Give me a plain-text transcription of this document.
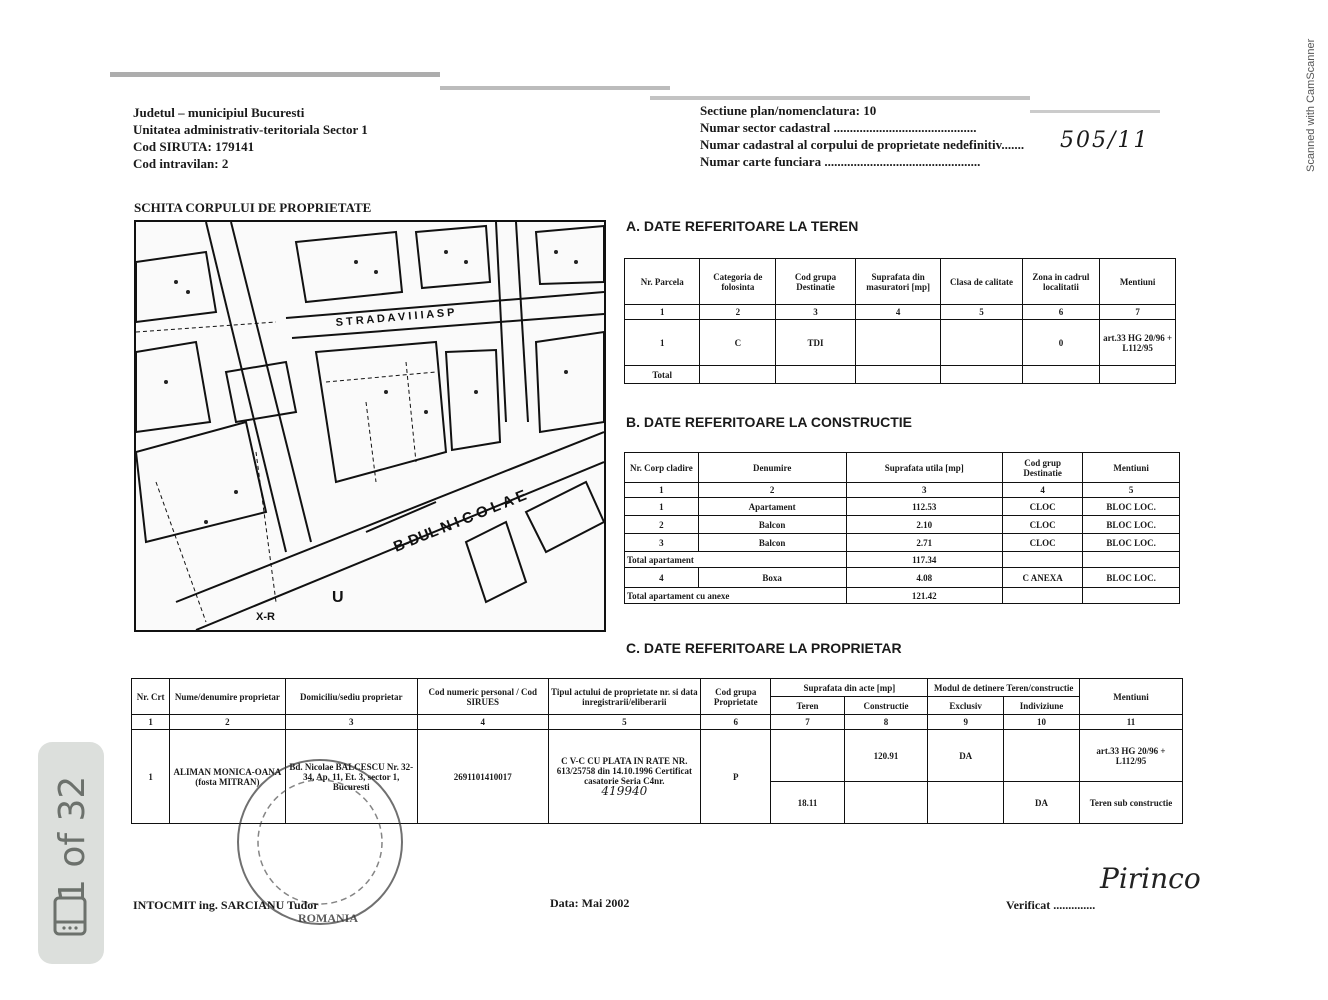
Judetul – municipiul Bucuresti
Unitatea administrativ-teritoriala Sector 1
Cod SIRUTA: 179141
Cod intravilan: 2
Sectiune plan/nomenclatura: 10
Numar sector cadastral ............................................
Numar cadastral al corpului de proprietate nedefinitiv.......
Numar carte funciara ................................................
505/11
SCHITA CORPULUI DE PROPRIETATE
S T R A D A V I I I A S P
B-DUL N I C O L A E
U
X-R
A. DATE REFERITOARE LA TEREN
Nr. Parcela	Categoria de folosinta	Cod grupa Destinatie	Suprafata din masuratori [mp]	Clasa de calitate	Zona in cadrul localitatii	Mentiuni
1	2	3	4	5	6	7
1	C	TDI			0	art.33 HG 20/96 + L112/95
Total						
B. DATE REFERITOARE LA CONSTRUCTIE
Nr. Corp cladire	Denumire	Suprafata utila [mp]	Cod grup Destinatie	Mentiuni
1	2	3	4	5
1	Apartament	112.53	CLOC	BLOC LOC.
2	Balcon	2.10	CLOC	BLOC LOC.
3	Balcon	2.71	CLOC	BLOC LOC.
Total apartament		117.34		
4	Boxa	4.08	C ANEXA	BLOC LOC.
Total apartament cu anexe		121.42		
C. DATE REFERITOARE LA PROPRIETAR
Nr. Crt	Nume/denumire proprietar	Domiciliu/sediu proprietar	Cod numeric personal / Cod SIRUES	Tipul actului de proprietate nr. si data inregistrarii/eliberarii	Cod grupa Proprietate	Suprafata din acte [mp]		Modul de detinere Teren/constructie		Mentiuni
						Teren	Constructie	Exclusiv	Indiviziune	
1	2	3	4	5	6	7	8	9	10	11
1	ALIMAN MONICA-OANA (fosta MITRAN)	Bd. Nicolae BALCESCU Nr. 32-34, Ap. 11, Et. 3, sector 1, Bucuresti	2691101410017	C V-C CU PLATA IN RATE NR. 613/25758 din 14.10.1996 Certificat casatorie Seria C4nr.
419940	P		120.91	DA		art.33 HG 20/96 + L112/95
						18.11			DA	Teren sub constructie
ROMANIA
INTOCMIT ing. SARCIANU Tudor	Data: Mai 2002	Verificat ..............
Pirinco
1 of 32
Scanned with CamScanner
